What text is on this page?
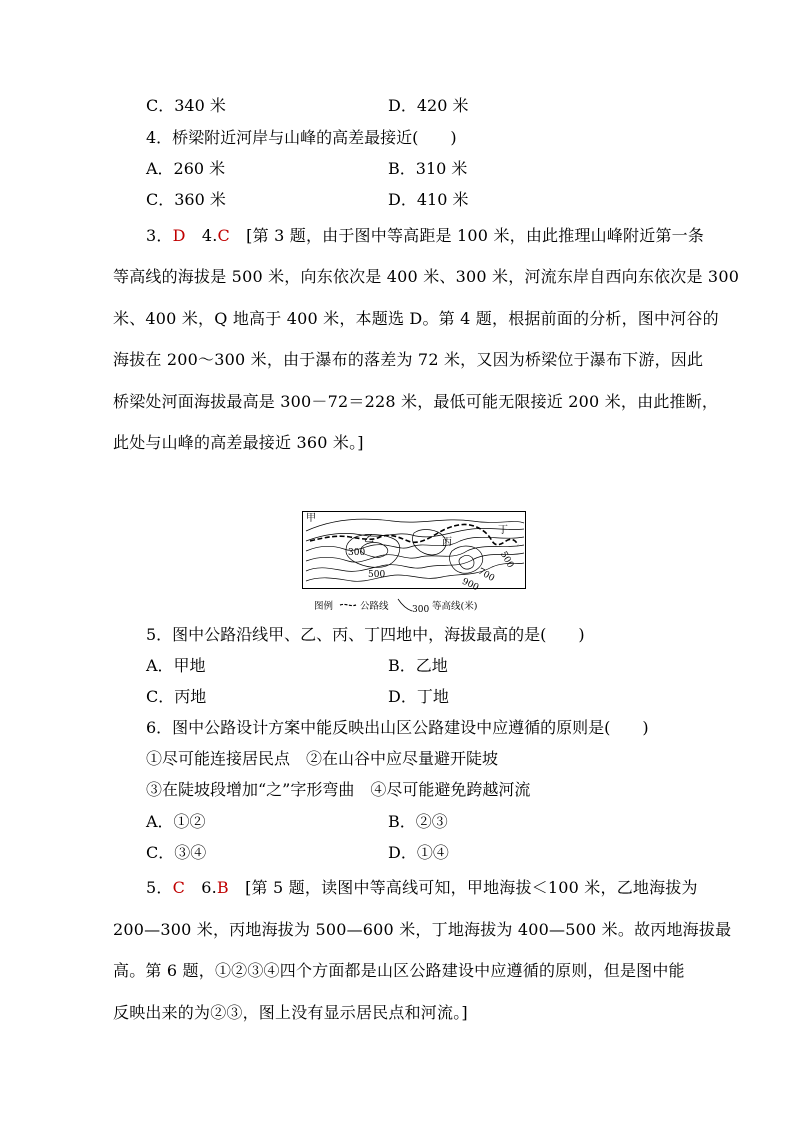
C．340 米	D．420 米
4．桥梁附近河岸与山峰的高差最接近(　　)
A．260 米	B．310 米
C．360 米	D．410 米
3．D　4.C　[第 3 题，由于图中等高距是 100 米，由此推理山峰附近第一条
等高线的海拔是 500 米，向东依次是 400 米、300 米，河流东岸自西向东依次是 300
米、400 米，Q 地高于 400 米，本题选 D。第 4 题，根据前面的分析，图中河谷的
海拔在 200～300 米，由于瀑布的落差为 72 米，又因为桥梁位于瀑布下游，因此
桥梁处河面海拔最高是 300－72＝228 米，最低可能无限接近 200 米，由此推断，
此处与山峰的高差最接近 360 米。]
甲
乙	丙
丁
300
500
500
700
900
图例	公路线	300 等高线(米)
5．图中公路沿线甲、乙、丙、丁四地中，海拔最高的是(　　)
A．甲地	B．乙地
C．丙地	D．丁地
6．图中公路设计方案中能反映出山区公路建设中应遵循的原则是(　　)
①尽可能连接居民点　②在山谷中应尽量避开陡坡
③在陡坡段增加“之”字形弯曲　④尽可能避免跨越河流
A．①②	B．②③
C．③④	D．①④
5．C　6.B　[第 5 题，读图中等高线可知，甲地海拔＜100 米，乙地海拔为
200—300 米，丙地海拔为 500—600 米，丁地海拔为 400—500 米。故丙地海拔最
高。第 6 题，①②③④四个方面都是山区公路建设中应遵循的原则，但是图中能
反映出来的为②③，图上没有显示居民点和河流。]
